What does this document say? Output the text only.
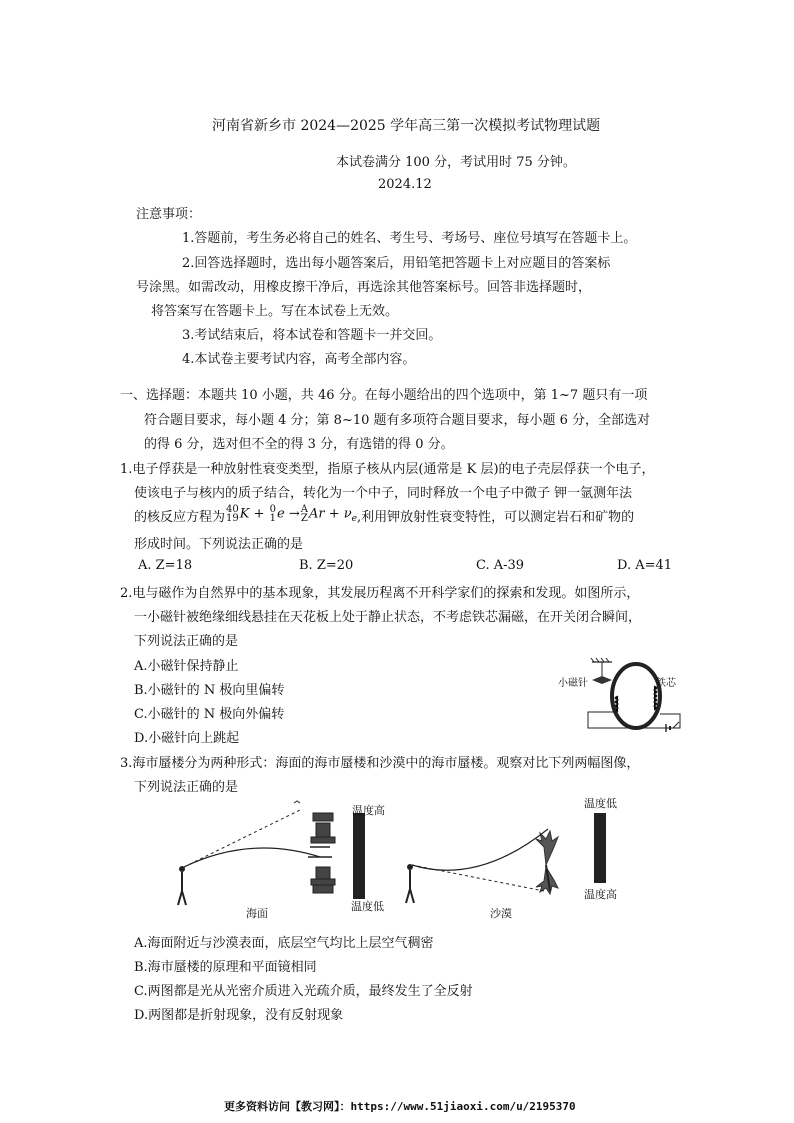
河南省新乡市 2024—2025 学年高三第一次模拟考试物理试题
本试卷满分 100 分，考试用时 75 分钟。
2024.12
注意事项：
1.答题前，考生务必将自己的姓名、考生号、考场号、座位号填写在答题卡上。
2.回答选择题时，选出每小题答案后，用铅笔把答题卡上对应题目的答案标
号涂黑。如需改动，用橡皮擦干净后，再选涂其他答案标号。回答非选择题时，
将答案写在答题卡上。写在本试卷上无效。
3.考试结束后，将本试卷和答题卡一并交回。
4.本试卷主要考试内容，高考全部内容。
一、选择题：本题共 10 小题，共 46 分。在每小题给出的四个选项中，第 1~7 题只有一项
符合题目要求，每小题 4 分；第 8~10 题有多项符合题目要求，每小题 6 分，全部选对
的得 6 分，选对但不全的得 3 分，有选错的得 0 分。
1.电子俘获是一种放射性衰变类型，指原子核从内层(通常是 K 层)的电子壳层俘获一个电子，
使该电子与核内的质子结合，转化为一个中子，同时释放一个电子中微子 钾一氩测年法
的核反应方程为 40
19 K + 0
1 e → A
Z $Ar + \nu_e$ ,利用钾放射性衰变特性，可以测定岩石和矿物的
形成时间。下列说法正确的是
A. Z=18	B. Z=20	C. A-39	D. A=41
2.电与磁作为自然界中的基本现象，其发展历程离不开科学家们的探索和发现。如图所示，
一小磁针被绝缘细线悬挂在天花板上处于静止状态，不考虑铁芯漏磁，在开关闭合瞬间，
下列说法正确的是
A.小磁针保持静止
B.小磁针的 N 极向里偏转
C.小磁针的 N 极向外偏转
D.小磁针向上跳起
小磁针	铁芯
3.海市蜃楼分为两种形式：海面的海市蜃楼和沙漠中的海市蜃楼。观察对比下列两幅图像，
下列说法正确的是
温度高
温度低
海面
温度低
温度高
沙漠
A.海面附近与沙漠表面，底层空气均比上层空气稠密
B.海市蜃楼的原理和平面镜相同
C.两图都是光从光密介质进入光疏介质，最终发生了全反射
D.两图都是折射现象，没有反射现象
更多资料访问【教习网】：https://www.51jiaoxi.com/u/2195370
